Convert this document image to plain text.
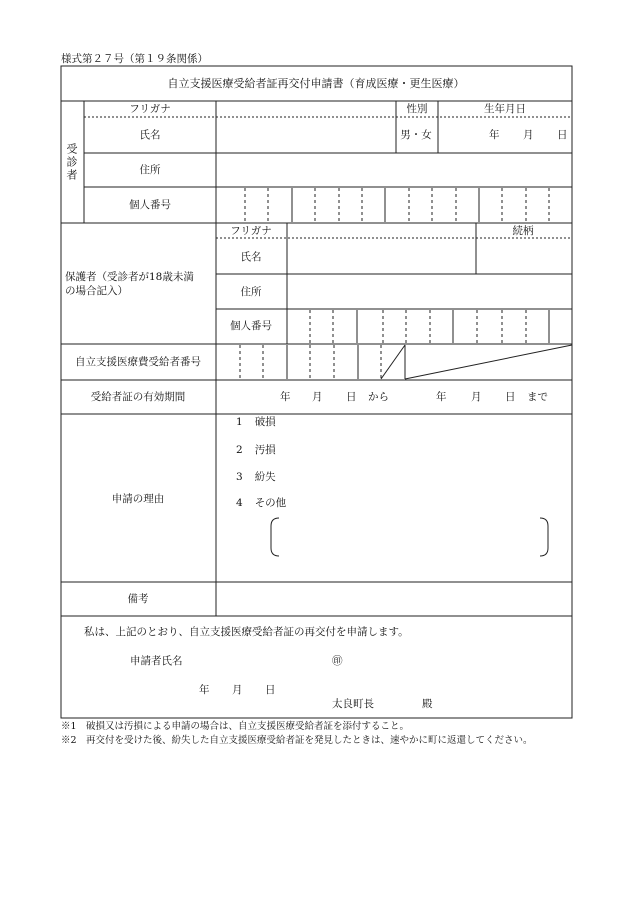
様式第２７号（第１９条関係）
自立支援医療受給者証再交付申請書（育成医療・更生医療）
受診者
フリガナ	性別	生年月日
氏名	男・女	年 月 日
住所
個人番号
保護者（受診者が18歳未満
の場合記入）
フリガナ	続柄
氏名
住所
個人番号
自立支援医療費受給者番号
受給者証の有効期間	年 月 日 から	年 月 日 まで
申請の理由
1 破損
2 汚損
3 紛失
4 その他
備考
私は、上記のとおり、自立支援医療受給者証の再交付を申請します。
申請者氏名	㊞
年 月 日
太良町長	殿
※1　破損又は汚損による申請の場合は、自立支援医療受給者証を添付すること。
※2　再交付を受けた後、紛失した自立支援医療受給者証を発見したときは、速やかに町に返還してください。
